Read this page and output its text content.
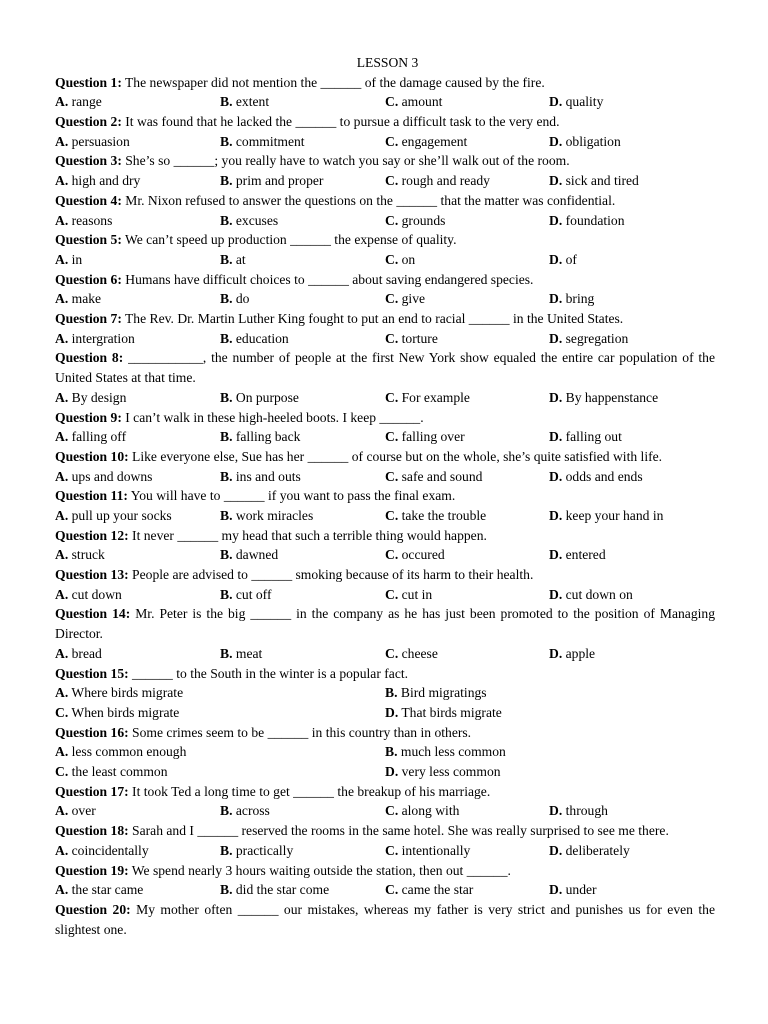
LESSON 3

Question 1: The newspaper did not mention the ______ of the damage caused by the fire.

A. range	B. extent	C. amount	D. quality

Question 2: It was found that he lacked the ______ to pursue a difficult task to the very end.

A. persuasion	B. commitment	C. engagement	D. obligation

Question 3: She’s so ______; you really have to watch you say or she’ll walk out of the room.

A. high and dry	B. prim and proper	C. rough and ready	D. sick and tired

Question 4: Mr. Nixon refused to answer the questions on the ______ that the matter was confidential.

A. reasons	B. excuses	C. grounds	D. foundation

Question 5: We can’t speed up production ______ the expense of quality.

A. in	B. at	C. on	D. of

Question 6: Humans have difficult choices to ______ about saving endangered species.

A. make	B. do	C. give	D. bring

Question 7: The Rev. Dr. Martin Luther King fought to put an end to racial ______ in the United States.

A. intergration	B. education	C. torture	D. segregation

Question 8: ___________, the number of people at the first New York show equaled the entire car population of the United States at that time.

A. By design	B. On purpose	C. For example	D. By happenstance

Question 9: I can’t walk in these high-heeled boots. I keep ______.

A. falling off	B. falling back	C. falling over	D. falling out

Question 10: Like everyone else, Sue has her ______ of course but on the whole, she’s quite satisfied with life.

A. ups and downs	B. ins and outs	C. safe and sound	D. odds and ends

Question 11: You will have to ______ if you want to pass the final exam.

A. pull up your socks	B. work miracles	C. take the trouble	D. keep your hand in

Question 12: It never ______ my head that such a terrible thing would happen.

A. struck	B. dawned	C. occured	D. entered

Question 13: People are advised to ______ smoking because of its harm to their health.

A. cut down	B. cut off	C. cut in	D. cut down on

Question 14: Mr. Peter is the big ______ in the company as he has just been promoted to the position of Managing Director.

A. bread	B. meat	C. cheese	D. apple

Question 15: ______ to the South in the winter is a popular fact.

A. Where birds migrate	B. Bird migratings
C. When birds migrate	D. That birds migrate

Question 16: Some crimes seem to be ______ in this country than in others.

A. less common enough	B. much less common
C. the least common	D. very less common

Question 17: It took Ted a long time to get ______ the breakup of his marriage.

A. over	B. across	C. along with	D. through

Question 18: Sarah and I ______ reserved the rooms in the same hotel. She was really surprised to see me there.

A. coincidentally	B. practically	C. intentionally	D. deliberately

Question 19: We spend nearly 3 hours waiting outside the station, then out ______.

A. the star came	B. did the star come	C. came the star	D. under

Question 20: My mother often ______ our mistakes, whereas my father is very strict and punishes us for even the slightest one.
